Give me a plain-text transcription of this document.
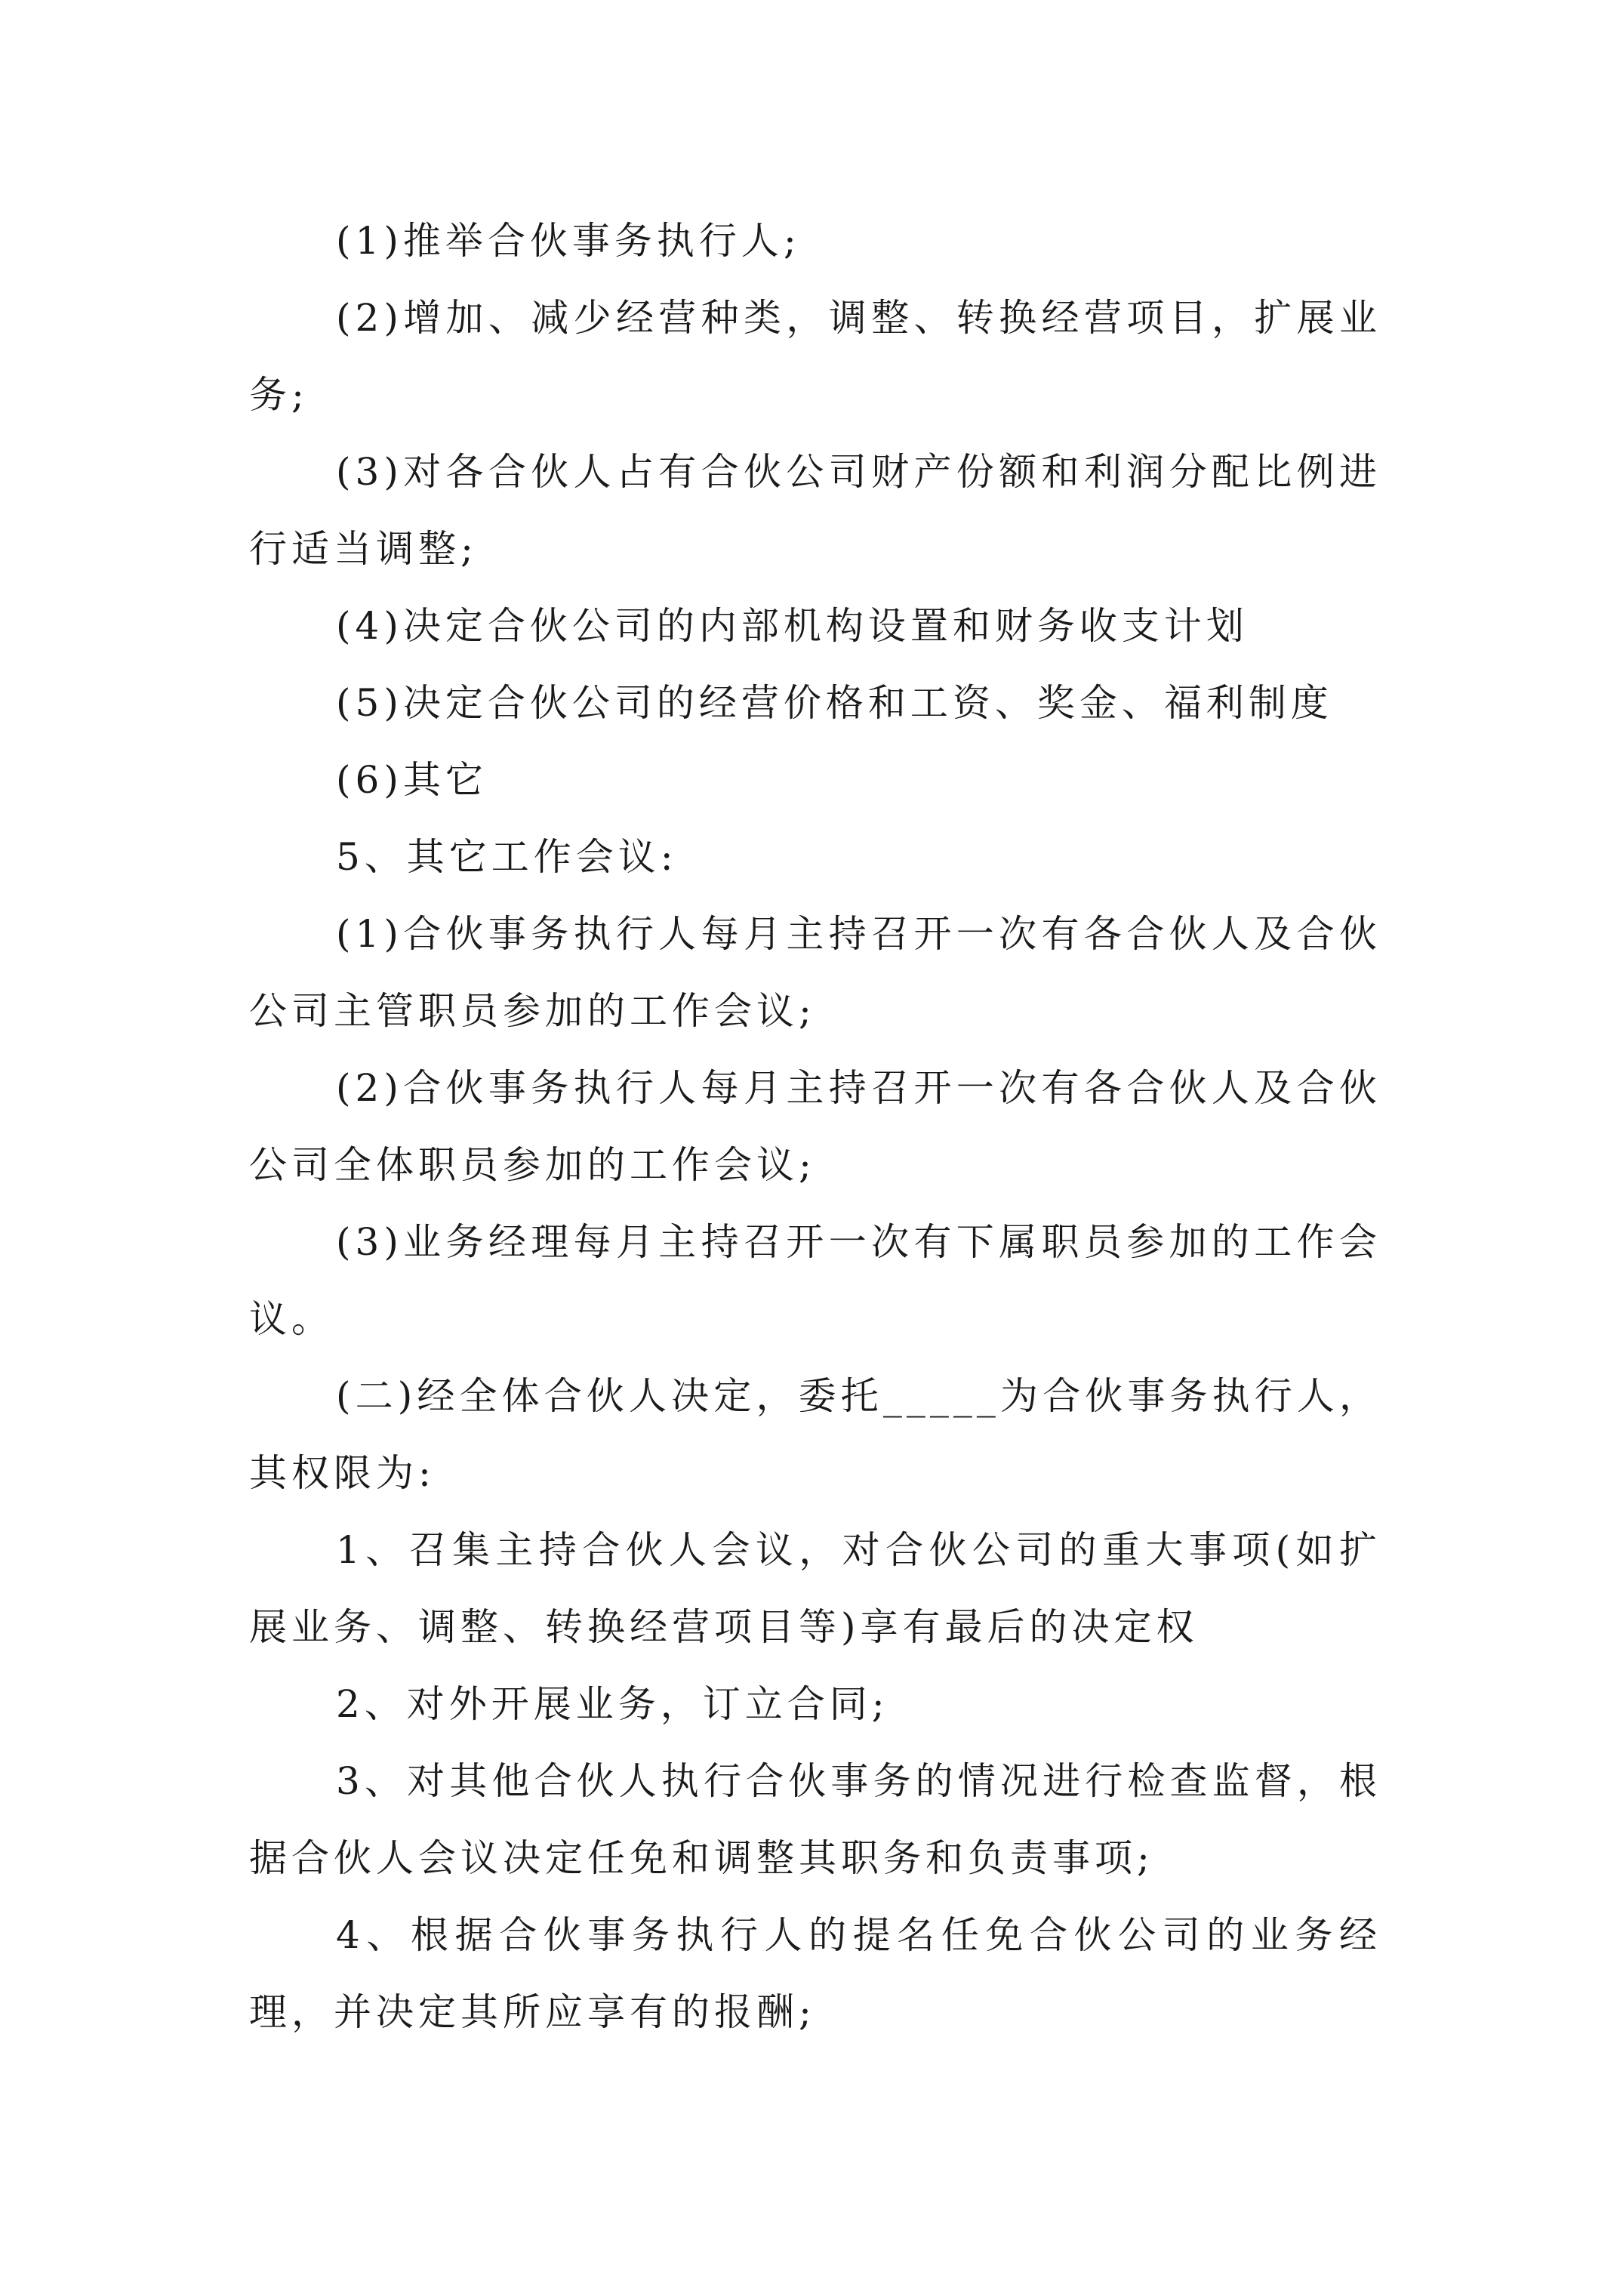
(1)推举合伙事务执行人;

(2)增加、减少经营种类，调整、转换经营项目，扩展业务;

(3)对各合伙人占有合伙公司财产份额和利润分配比例进行适当调整;

(4)决定合伙公司的内部机构设置和财务收支计划

(5)决定合伙公司的经营价格和工资、奖金、福利制度

(6)其它

5、其它工作会议:

(1)合伙事务执行人每月主持召开一次有各合伙人及合伙公司主管职员参加的工作会议;

(2)合伙事务执行人每月主持召开一次有各合伙人及合伙公司全体职员参加的工作会议;

(3)业务经理每月主持召开一次有下属职员参加的工作会议。

(二)经全体合伙人决定，委托_____为合伙事务执行人，其权限为:

1、召集主持合伙人会议，对合伙公司的重大事项(如扩展业务、调整、转换经营项目等)享有最后的决定权

2、对外开展业务，订立合同;

3、对其他合伙人执行合伙事务的情况进行检查监督，根据合伙人会议决定任免和调整其职务和负责事项;

4、根据合伙事务执行人的提名任免合伙公司的业务经理，并决定其所应享有的报酬;
